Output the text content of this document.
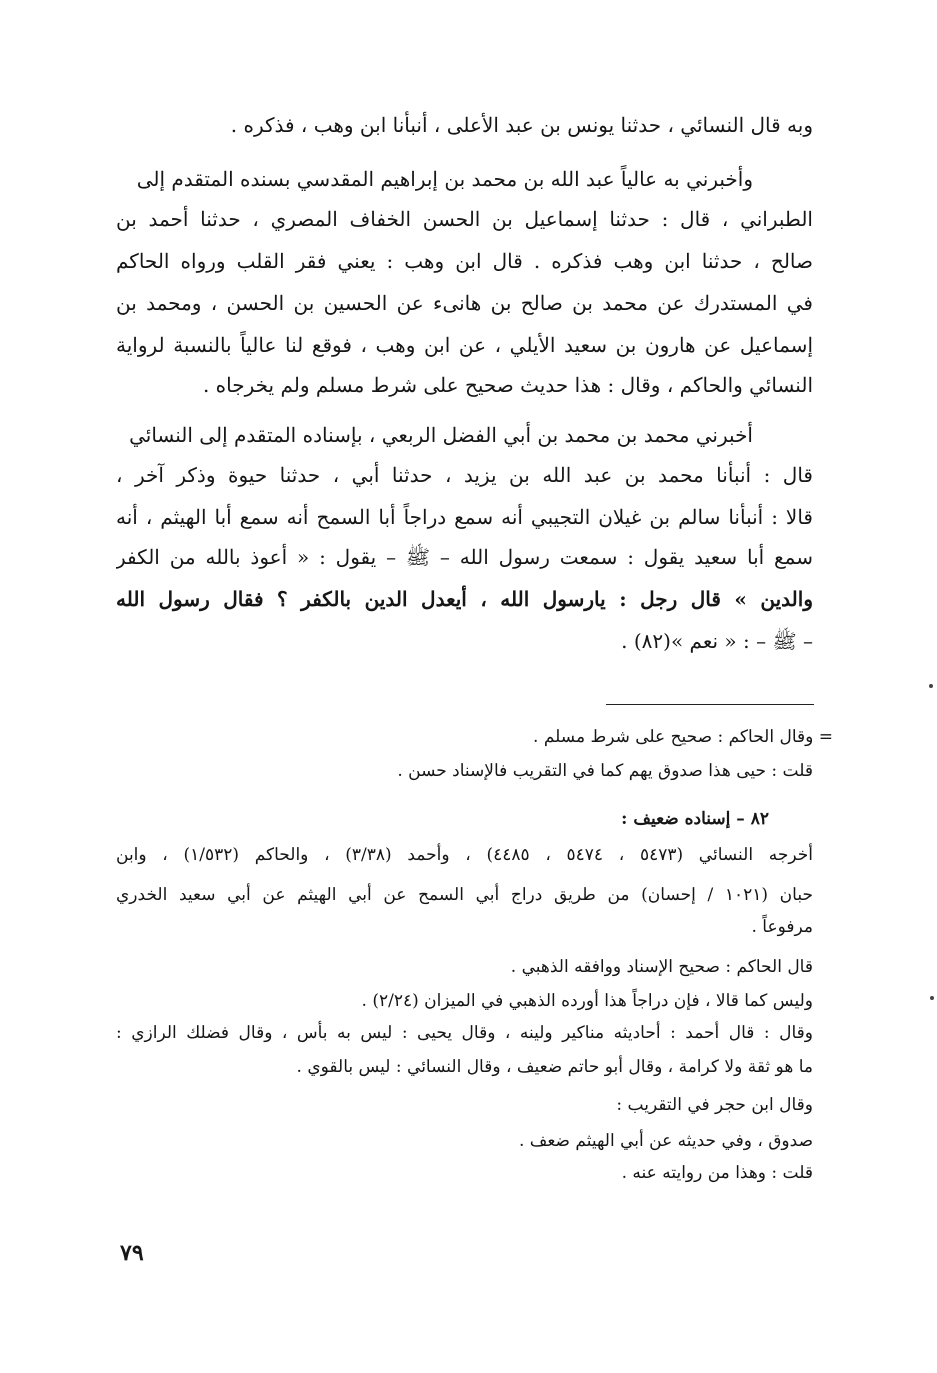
وبه قال النسائي ، حدثنا يونس بن عبد الأعلى ، أنبأنا ابن وهب ، فذكره .
وأخبرني به عالياً عبد الله بن محمد بن إبراهيم المقدسي بسنده المتقدم إلى
الطبراني ، قال : حدثنا إسماعيل بن الحسن الخفاف المصري ، حدثنا أحمد بن
صالح ، حدثنا ابن وهب فذكره . قال ابن وهب : يعني فقر القلب ورواه الحاكم
في المستدرك عن محمد بن صالح بن هانىء عن الحسين بن الحسن ، ومحمد بن
إسماعيل عن هارون بن سعيد الأيلي ، عن ابن وهب ، فوقع لنا عالياً بالنسبة لرواية
النسائي والحاكم ، وقال : هذا حديث صحيح على شرط مسلم ولم يخرجاه .
أخبرني محمد بن محمد بن أبي الفضل الربعي ، بإسناده المتقدم إلى النسائي
قال : أنبأنا محمد بن عبد الله بن يزيد ، حدثنا أبي ، حدثنا حيوة وذكر آخر ،
قالا : أنبأنا سالم بن غيلان التجيبي أنه سمع دراجاً أبا السمح أنه سمع أبا الهيثم ، أنه
سمع أبا سعيد يقول : سمعت رسول الله – ﷺ – يقول : « أعوذ بالله من الكفر
والدين » قال رجل : يارسول الله ، أيعدل الدين بالكفر ؟ فقال رسول الله
– ﷺ – : « نعم »(٨٢) .
= وقال الحاكم : صحيح على شرط مسلم .
قلت : حيى هذا صدوق يهم كما في التقريب فالإسناد حسن .
٨٢ – إسناده ضعيف :
أخرجه النسائي (٥٤٧٣ ، ٥٤٧٤ ، ٤٤٨٥) ، وأحمد (٣/٣٨) ، والحاكم (١/٥٣٢) ، وابن
حبان (١٠٢١ / إحسان) من طريق دراج أبي السمح عن أبي الهيثم عن أبي سعيد الخدري
مرفوعاً .
قال الحاكم : صحيح الإسناد ووافقه الذهبي .
وليس كما قالا ، فإن دراجاً هذا أورده الذهبي في الميزان (٢/٢٤) .
وقال : قال أحمد : أحاديثه مناكير ولينه ، وقال يحيى : ليس به بأس ، وقال فضلك الرازي :
ما هو ثقة ولا كرامة ، وقال أبو حاتم ضعيف ، وقال النسائي : ليس بالقوي .
وقال ابن حجر في التقريب :
صدوق ، وفي حديثه عن أبي الهيثم ضعف .
قلت : وهذا من روايته عنه .
٧٩
